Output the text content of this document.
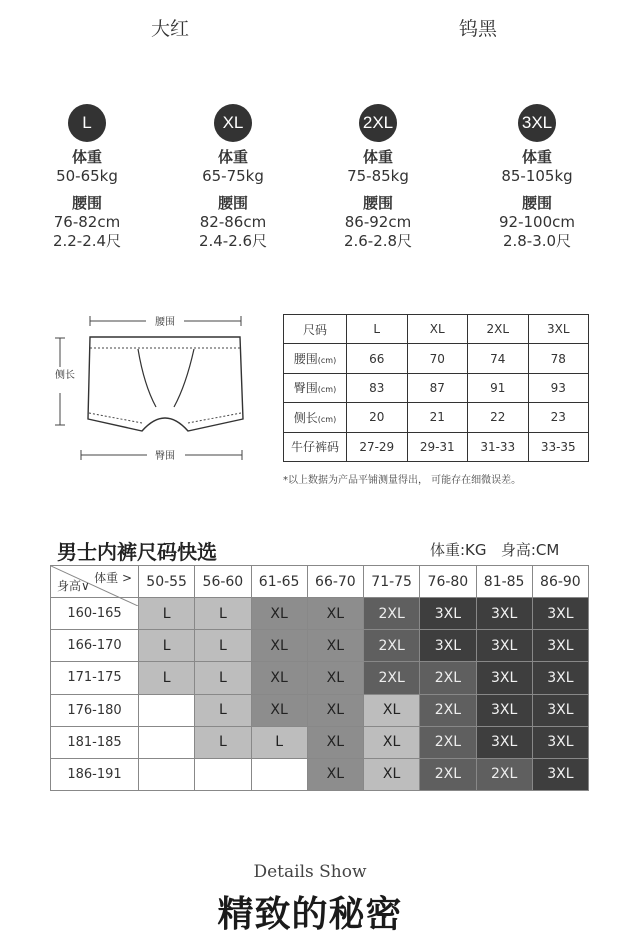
大红	钨黑
L
体重
50-65kg
腰围
76-82cm
2.2-2.4尺
XL
体重
65-75kg
腰围
82-86cm
2.4-2.6尺
2XL
体重
75-85kg
腰围
86-92cm
2.6-2.8尺
3XL
体重
85-105kg
腰围
92-100cm
2.8-3.0尺
腰围
侧长
臀围
尺码	L	XL	2XL	3XL
腰围(cm)	66	70	74	78
臀围(cm)	83	87	91	93
侧长(cm)	20	21	22	23
牛仔裤码	27-29	29-31	31-33	33-35
*以上数据为产品平铺测量得出， 可能存在细微误差。
男士内裤尺码快选	体重:KG   身高:CM
体重 >
身高∨	50-55	56-60	61-65	66-70	71-75	76-80	81-85	86-90
160-165	L	L	XL	XL	2XL	3XL	3XL	3XL
166-170	L	L	XL	XL	2XL	3XL	3XL	3XL
171-175	L	L	XL	XL	2XL	2XL	3XL	3XL
176-180		L	XL	XL	XL	2XL	3XL	3XL
181-185		L	L	XL	XL	2XL	3XL	3XL
186-191				XL	XL	2XL	2XL	3XL
Details Show
精致的秘密
